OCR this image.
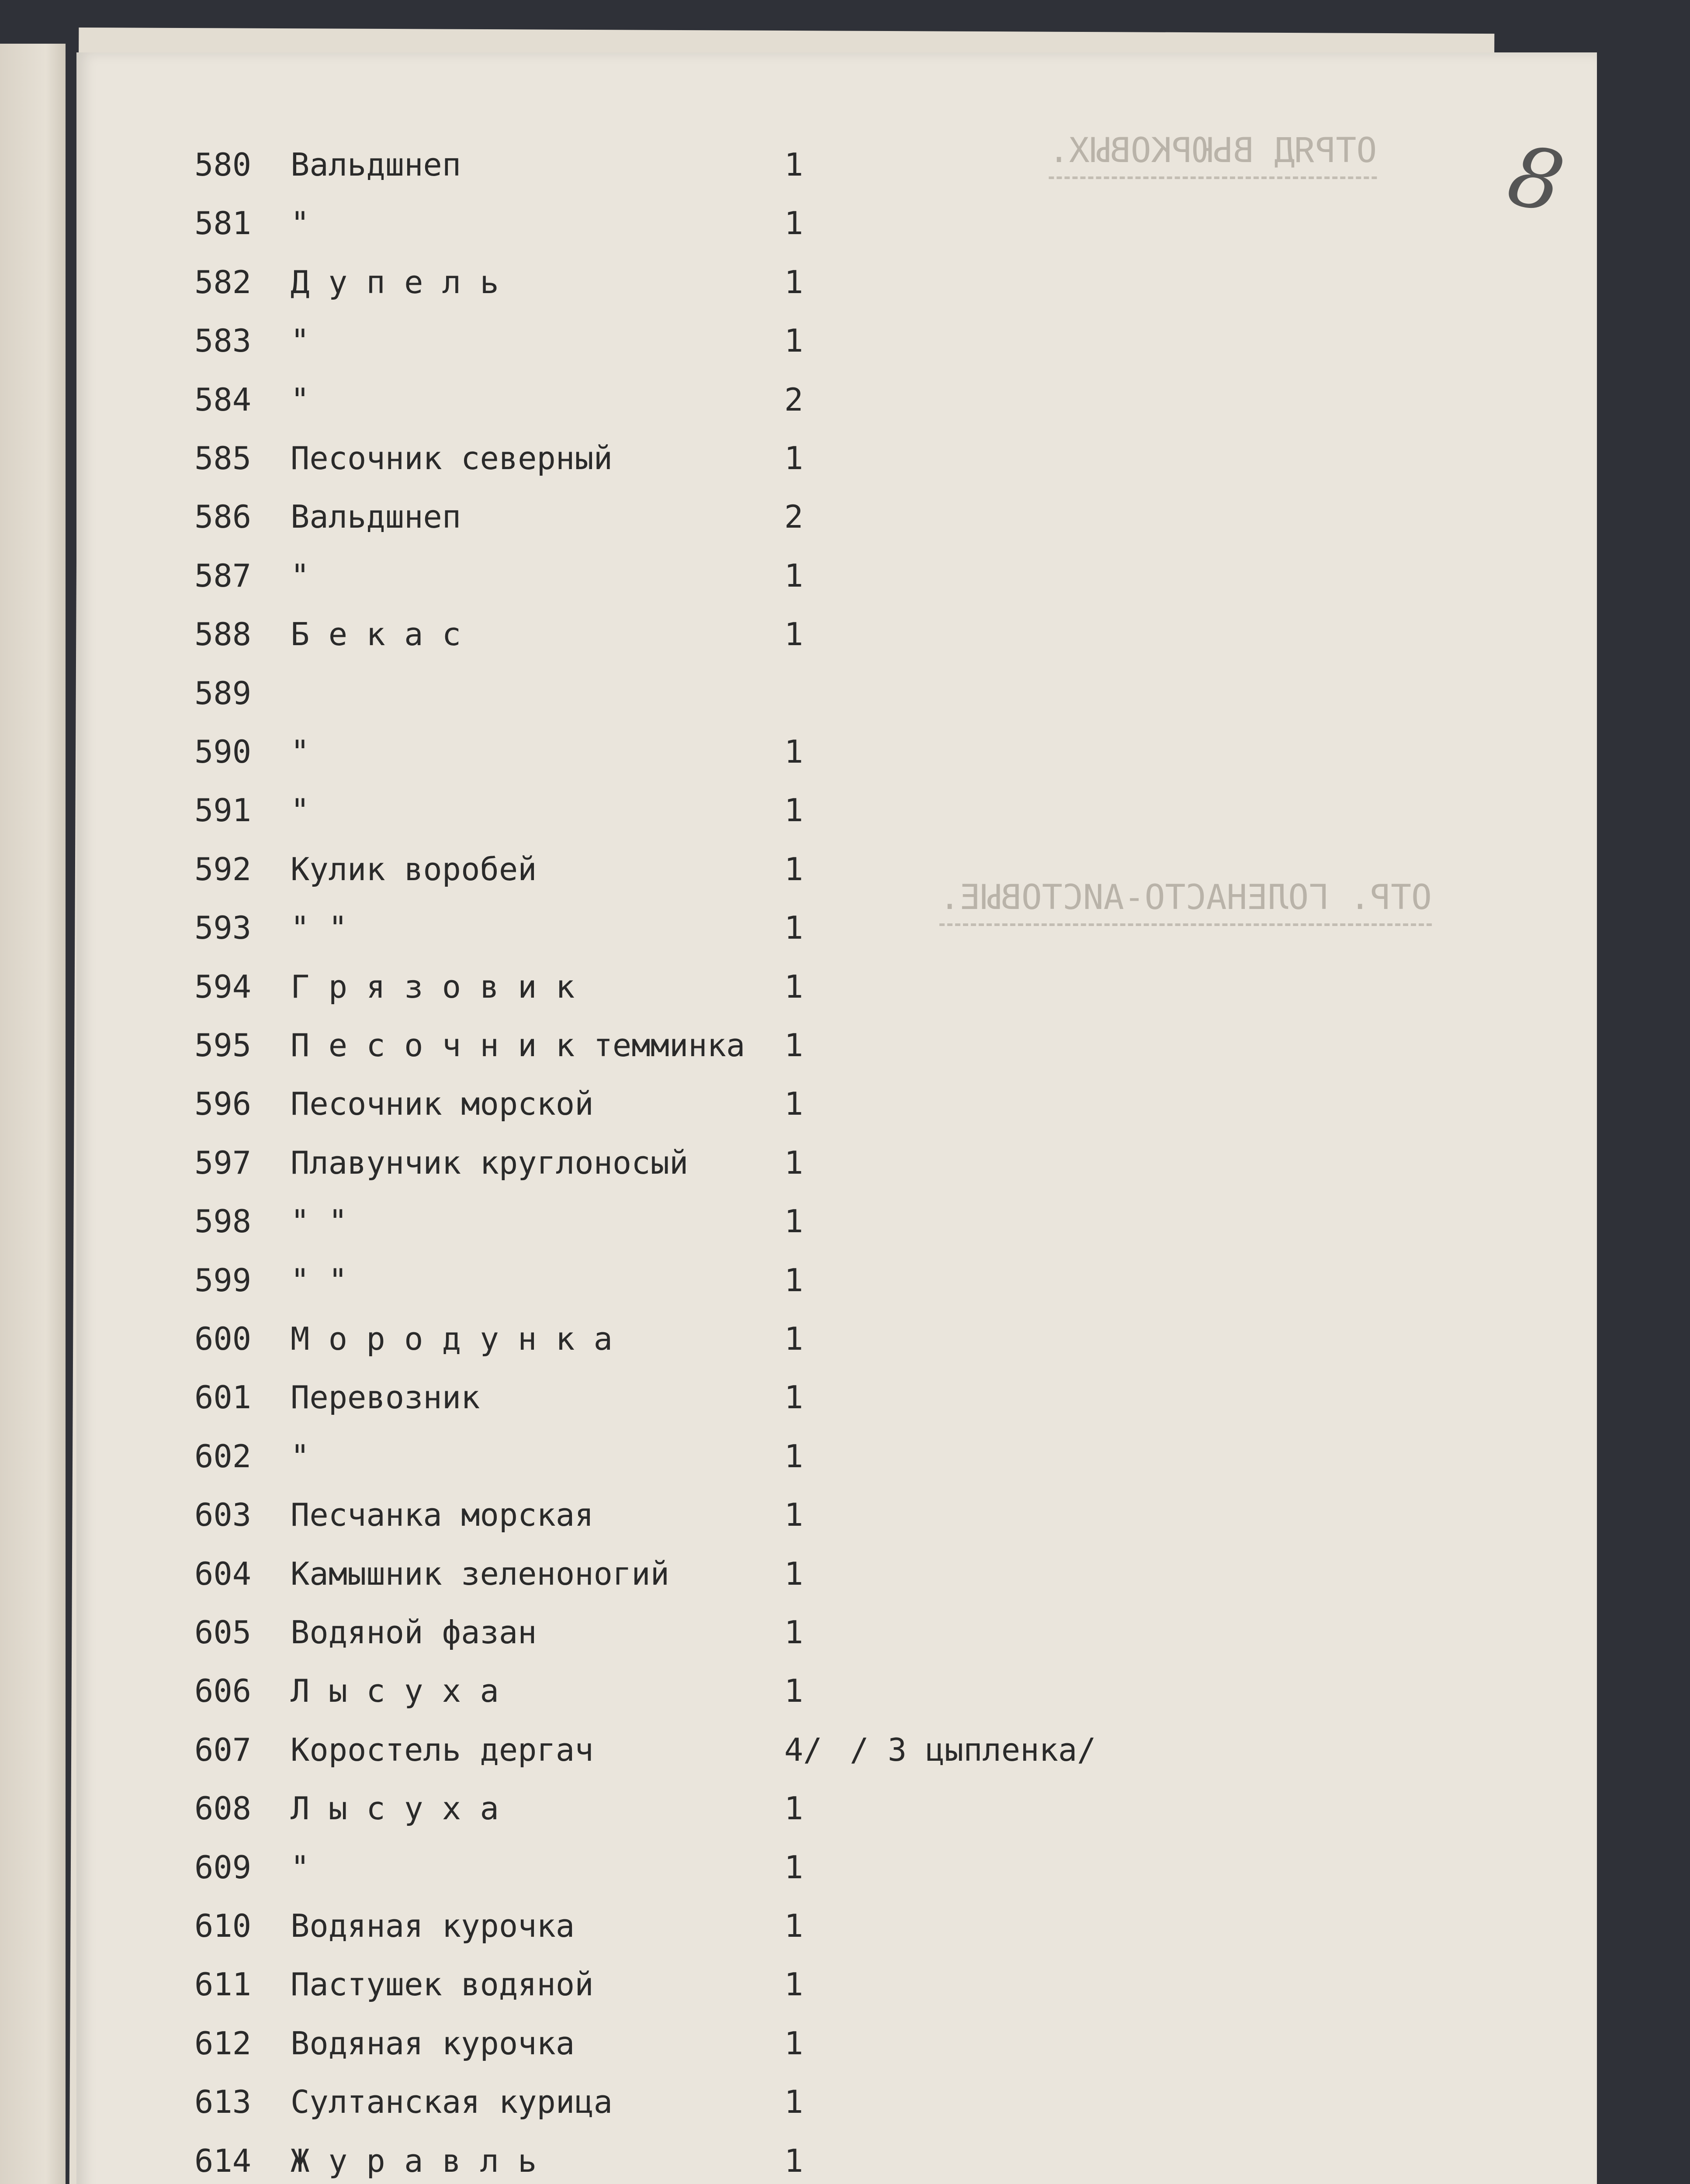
8
ОТРЯД ВЬЮРКОВЫХ.
ОТР. ГОЛЕНАСТО-АИСТОВЫЕ.
580 Вальдшнеп	1
581 "	1
582 Д у п е л ь	1
583 "	1
584 "	2
585 Песочник северный	1
586 Вальдшнеп	2
587 "	1
588 Б е к а с	1
589
590 "	1
591 "	1
592 Кулик воробей	1
593 " "	1
594 Г р я з о в и к	1
595 П е с о ч н и к темминка 1
596 Песочник морской	1
597 Плавунчик круглоносый	1
598 " "	1
599 " "	1
600 М о р о д у н к а	1
601 Перевозник	1
602 "	1
603 Песчанка морская	1
604 Камышник зеленоногий	1
605 Водяной фазан	1
606 Л ы с у х а	1
607 Коростель дергач	4/ / 3 цыпленка/
608 Л ы с у х а	1
609 "	1
610 Водяная курочка	1
611 Пастушек водяной	1
612 Водяная курочка	1
613 Султанская курица	1
614 Ж у р а в л ь	1
